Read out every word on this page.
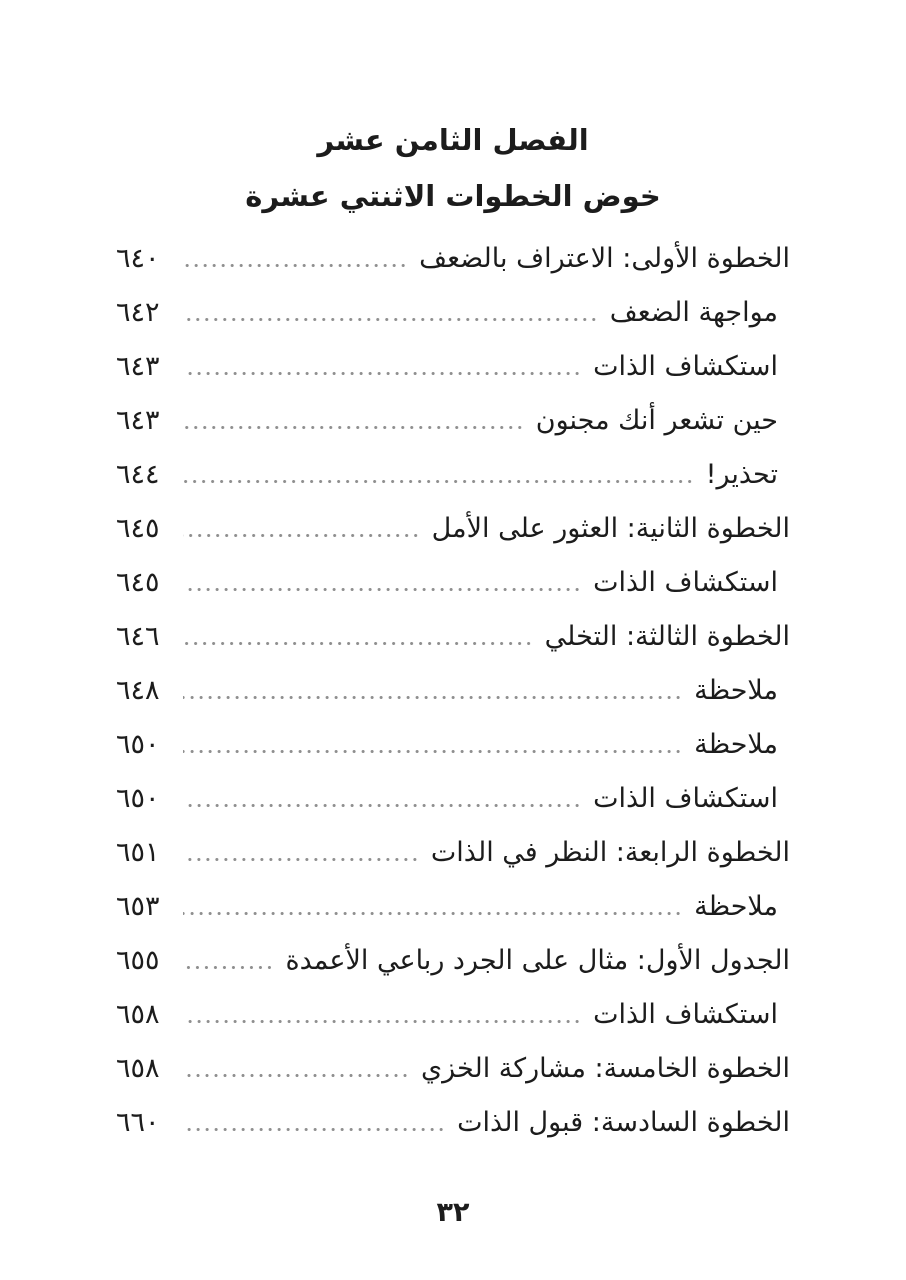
الفصل الثامن عشر
خوض الخطوات الاثنتي عشرة
الخطوة الأولى: الاعتراف بالضعف
٦٤٠
مواجهة الضعف
٦٤٢
استكشاف الذات
٦٤٣
حين تشعر أنك مجنون
٦٤٣
تحذير!
٦٤٤
الخطوة الثانية: العثور على الأمل
٦٤٥
استكشاف الذات
٦٤٥
الخطوة الثالثة: التخلي
٦٤٦
ملاحظة
٦٤٨
ملاحظة
٦٥٠
استكشاف الذات
٦٥٠
الخطوة الرابعة: النظر في الذات
٦٥١
ملاحظة
٦٥٣
الجدول الأول: مثال على الجرد رباعي الأعمدة
٦٥٥
استكشاف الذات
٦٥٨
الخطوة الخامسة: مشاركة الخزي
٦٥٨
الخطوة السادسة: قبول الذات
٦٦٠
٣٢
